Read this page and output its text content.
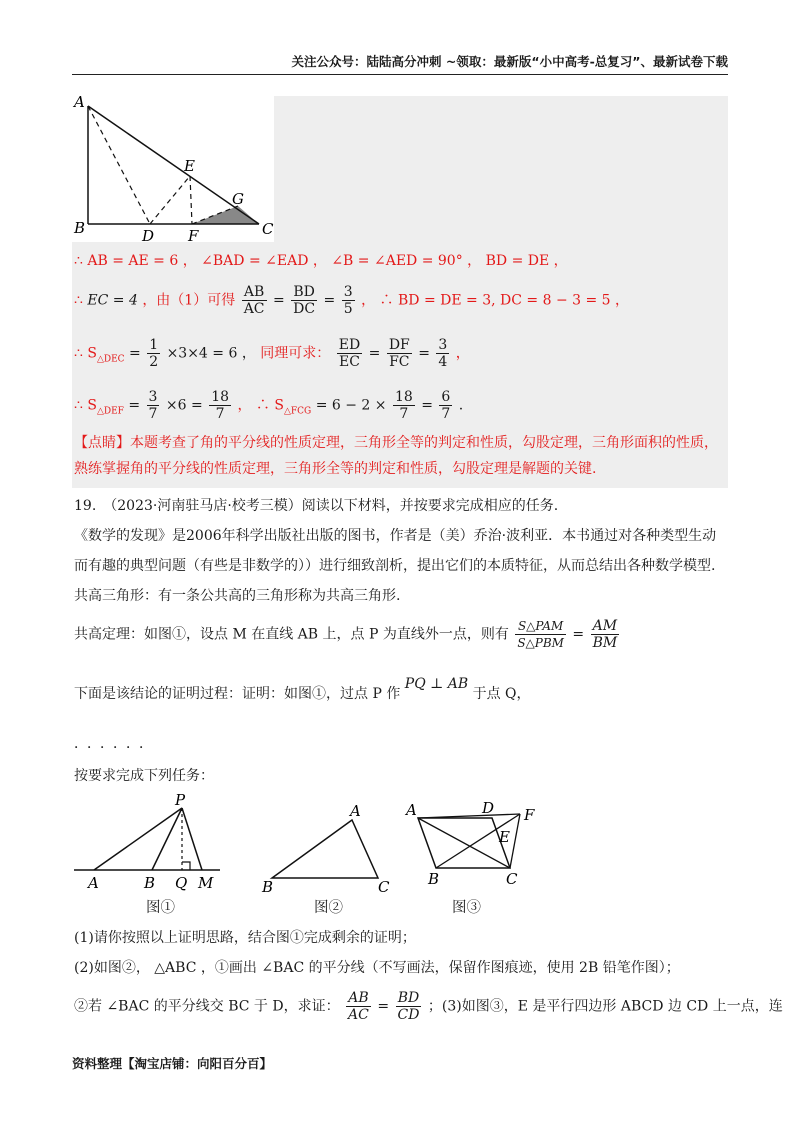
关注公众号：陆陆高分冲刺 ~领取：最新版“小中高考-总复习”、最新试卷下载
A
B	C
D
E
F
G
∴ AB = AE = 6 ， ∠BAD = ∠EAD ， ∠B = ∠AED = 90° ， BD = DE ，
∴ EC = 4 ，由（1）可得 $\frac{AB}{AC} = \frac{BD}{DC} = \frac{3}{5}$ ， ∴ BD = DE = 3, DC = 8 − 3 = 5 ，
∴ $S_{\triangle DEC} = \frac{1}{2} \times 3\times 4 = 6$ ， 同理可求： $\frac{ED}{EC} = \frac{DF}{FC} = \frac{3}{4}$ ，
∴ $S_{\triangle DEF} = \frac{3}{7} \times 6 = \frac{18}{7}$ ， ∴ $S_{\triangle FCG} = 6 - 2 \times \frac{18}{7} = \frac{6}{7}$ .
【点睛】本题考查了角的平分线的性质定理，三角形全等的判定和性质，勾股定理，三角形面积的性质，熟练掌握角的平分线的性质定理，三角形全等的判定和性质，勾股定理是解题的关键.
19.　（2023·河南驻马店·校考三模）阅读以下材料，并按要求完成相应的任务.
《数学的发现》是2006年科学出版社出版的图书，作者是（美）乔治·波利亚．本书通过对各种类型生动
而有趣的典型问题（有些是非数学的））进行细致剖析，提出它们的本质特征，从而总结出各种数学模型.
共高三角形：有一条公共高的三角形称为共高三角形.
共高定理：如图①，设点 M 在直线 AB 上，点 P 为直线外一点，则有 $\frac{\text{S△PAM}}{\text{S△PBM}} = \frac{AM}{BM}$
下面是该结论的证明过程：证明：如图①，过点 P 作 PQ ⊥ AB 于点 Q，
．．．．．．
按要求完成下列任务：
P
A	B Q M
A
B	C
A	D F
E
B	C
图①	图②	图③
(1)请你按照以上证明思路，结合图①完成剩余的证明；
(2)如图②， △ABC ，①画出 ∠BAC 的平分线（不写画法，保留作图痕迹，使用 2B 铅笔作图）；
②若 ∠BAC 的平分线交 BC 于 D，求证： $\frac{AB}{AC} = \frac{BD}{CD}$ ；(3)如图③，E 是平行四边形 ABCD 边 CD 上一点，连
资料整理【淘宝店铺：向阳百分百】
